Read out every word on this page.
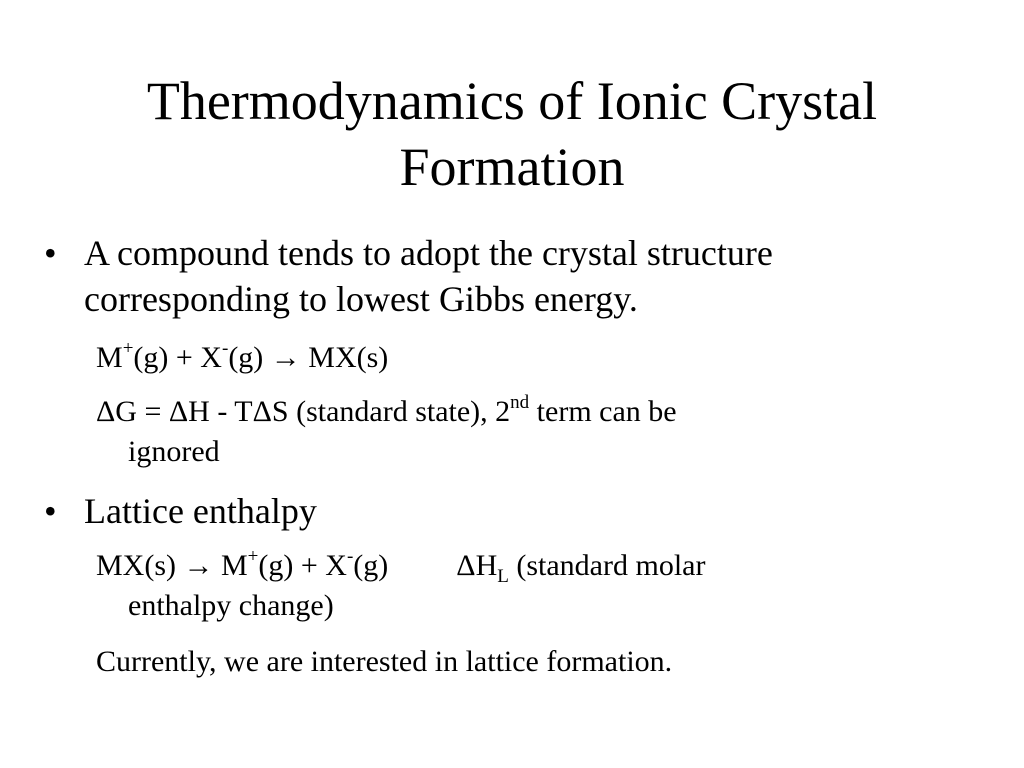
Thermodynamics of Ionic Crystal
Formation
• A compound tends to adopt the crystal structure
corresponding to lowest Gibbs energy.
M+(g) + X-(g) → MX(s)
ΔG = ΔH - TΔS (standard state), 2nd term can be
ignored
• Lattice enthalpy
MX(s) → M+(g) + X-(g) $\Delta H_L$ (standard molar
enthalpy change)
Currently, we are interested in lattice formation.
